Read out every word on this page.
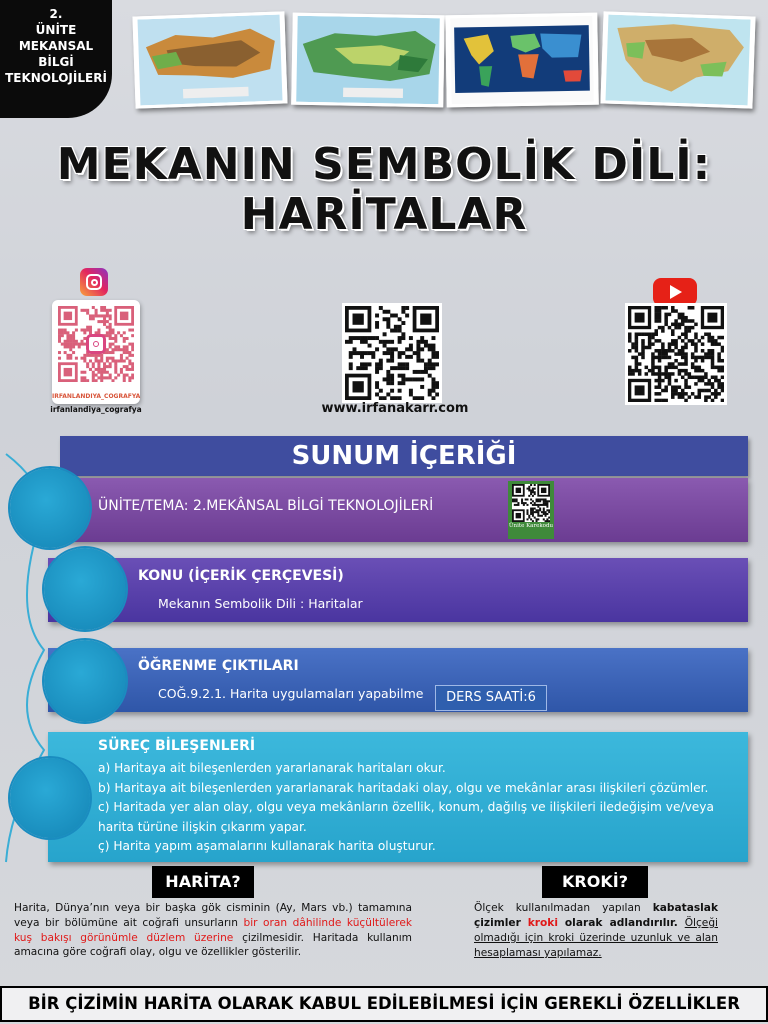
2.
ÜNİTE
MEKANSAL
BİLGİ
TEKNOLOJİLERİ
MEKANIN SEMBOLİK DİLİ:
HARİTALAR
IRFANLANDIYA_COGRAFYA
irfanlandiya_cografya	www.irfanakarr.com
SUNUM İÇERİĞİ
ÜNİTE/TEMA: 2.MEKÂNSAL BİLGİ TEKNOLOJİLERİ
Ünite Karekodu
KONU (İÇERİK ÇERÇEVESİ)
Mekanın Sembolik Dili : Haritalar
ÖĞRENME ÇIKTILARI
COĞ.9.2.1. Harita uygulamaları yapabilme	DERS SAATİ:6
SÜREÇ BİLEŞENLERİ
a) Haritaya ait bileşenlerden yararlanarak haritaları okur.
b) Haritaya ait bileşenlerden yararlanarak haritadaki olay, olgu ve mekânlar arası ilişkileri çözümler.
c) Haritada yer alan olay, olgu veya mekânların özellik, konum, dağılış ve ilişkileri iledeğişim ve/veya harita türüne ilişkin çıkarım yapar.
ç) Harita yapım aşamalarını kullanarak harita oluşturur.
HARİTA?
Harita, Dünya’nın veya bir başka gök cisminin (Ay, Mars vb.) tamamına veya bir bölümüne ait coğrafi unsurların bir oran dâhilinde küçültülerek kuş bakışı görünümle düzlem üzerine çizilmesidir. Haritada kullanım amacına göre coğrafi olay, olgu ve özellikler gösterilir.
KROKİ?
Ölçek kullanılmadan yapılan kabataslak çizimler kroki olarak adlandırılır. Ölçeği olmadığı için kroki üzerinde uzunluk ve alan hesaplaması yapılamaz.
BİR ÇİZİMİN HARİTA OLARAK KABUL EDİLEBİLMESİ İÇİN GEREKLİ ÖZELLİKLER
